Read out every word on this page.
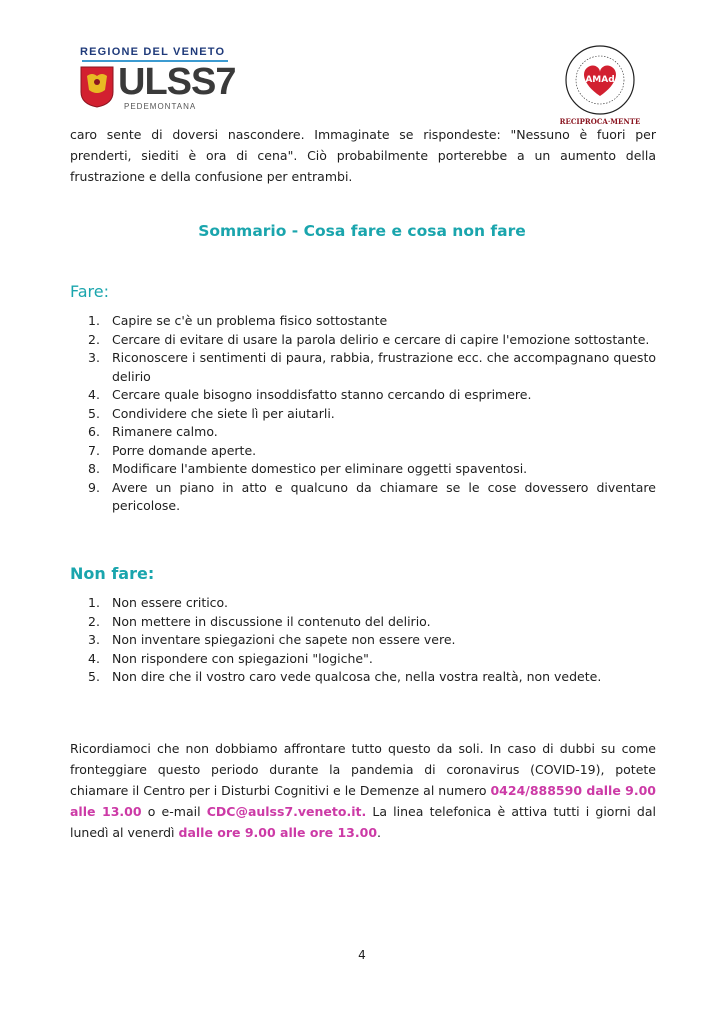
REGIONE DEL VENETO
ULSS7
PEDEMONTANA
AMAd
RECIPROCA·MENTE

caro sente di doversi nascondere. Immaginate se rispondeste: "Nessuno è fuori per prenderti, siediti è ora di cena". Ciò probabilmente porterebbe a un aumento della frustrazione e della confusione per entrambi.

Sommario - Cosa fare e cosa non fare
Fare:
1. Capire se c'è un problema fisico sottostante
2. Cercare di evitare di usare la parola delirio e cercare di capire l'emozione sottostante.
3. Riconoscere i sentimenti di paura, rabbia, frustrazione ecc. che accompagnano questo delirio
4. Cercare quale bisogno insoddisfatto stanno cercando di esprimere.
5. Condividere che siete lì per aiutarli.
6. Rimanere calmo.
7. Porre domande aperte.
8. Modificare l'ambiente domestico per eliminare oggetti spaventosi.
9. Avere un piano in atto e qualcuno da chiamare se le cose dovessero diventare pericolose.
Non fare:
1. Non essere critico.
2. Non mettere in discussione il contenuto del delirio.
3. Non inventare spiegazioni che sapete non essere vere.
4. Non rispondere con spiegazioni "logiche".
5. Non dire che il vostro caro vede qualcosa che, nella vostra realtà, non vedete.

Ricordiamoci che non dobbiamo affrontare tutto questo da soli. In caso di dubbi su come fronteggiare questo periodo durante la pandemia di coronavirus (COVID-19), potete chiamare il Centro per i Disturbi Cognitivi e le Demenze al numero 0424/888590 dalle 9.00 alle 13.00 o e-mail CDC@aulss7.veneto.it. La linea telefonica è attiva tutti i giorni dal lunedì al venerdì dalle ore 9.00 alle ore 13.00.

4
